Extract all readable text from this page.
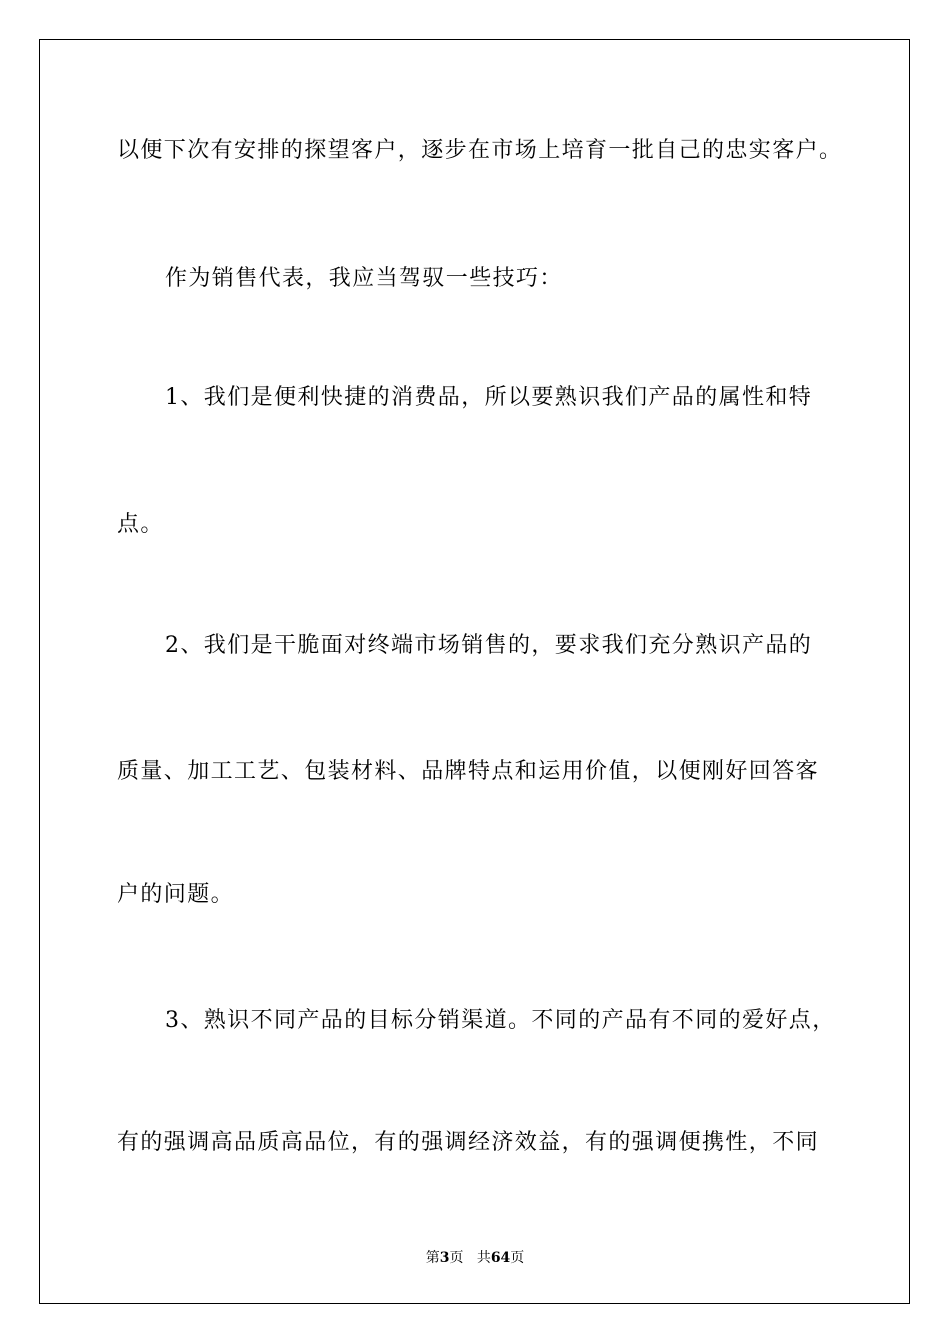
以便下次有安排的探望客户，逐步在市场上培育一批自己的忠实客户。
作为销售代表，我应当驾驭一些技巧：
1、我们是便利快捷的消费品，所以要熟识我们产品的属性和特
点。
2、我们是干脆面对终端市场销售的，要求我们充分熟识产品的
质量、加工工艺、包装材料、品牌特点和运用价值，以便刚好回答客
户的问题。
3、熟识不同产品的目标分销渠道。不同的产品有不同的爱好点，
有的强调高品质高品位，有的强调经济效益，有的强调便携性，不同
第3页 共64页
